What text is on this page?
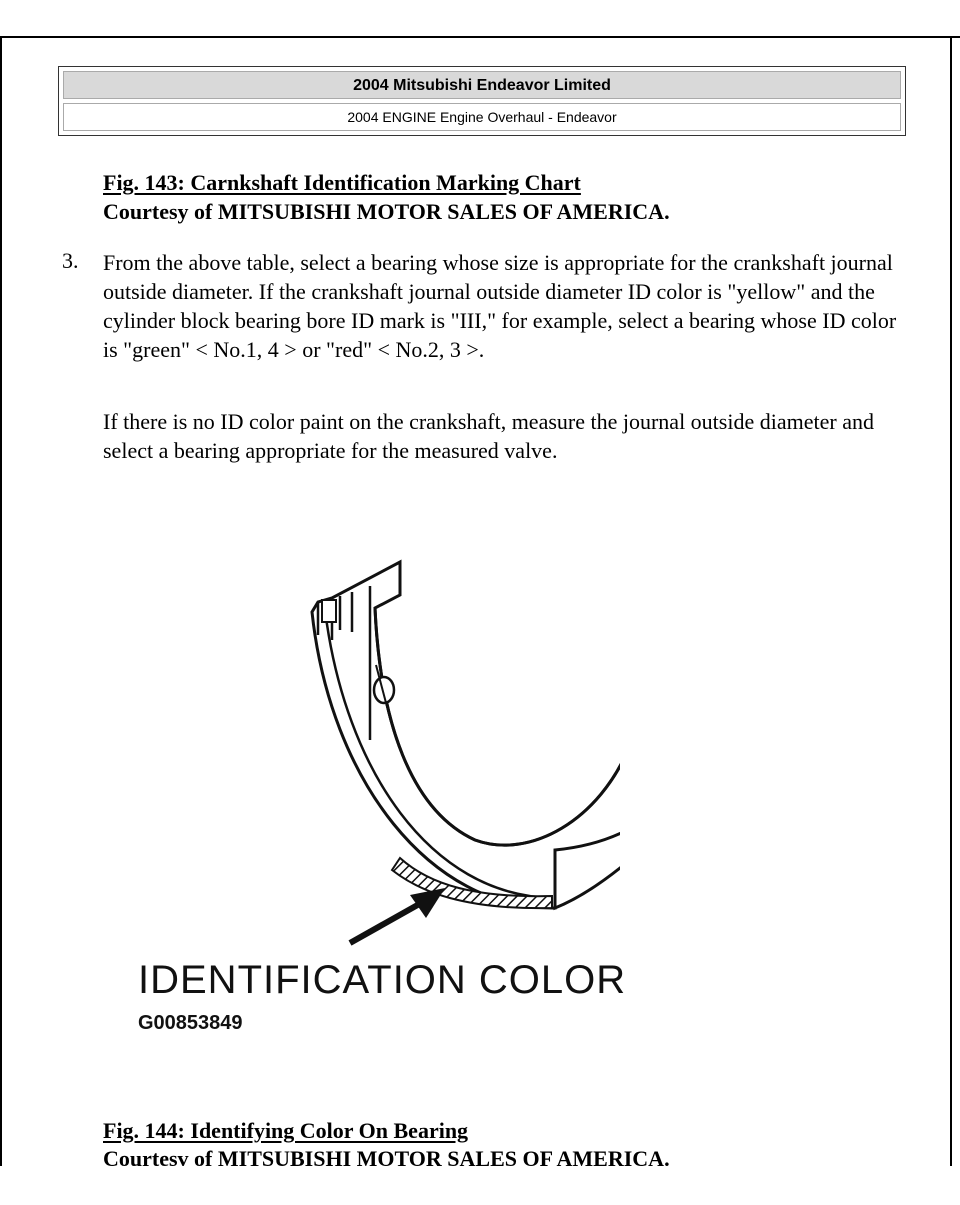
2004 Mitsubishi Endeavor Limited
2004 ENGINE Engine Overhaul - Endeavor
Fig. 143: Carnkshaft Identification Marking Chart
Courtesy of MITSUBISHI MOTOR SALES OF AMERICA.
3. From the above table, select a bearing whose size is appropriate for the crankshaft journal outside diameter. If the crankshaft journal outside diameter ID color is "yellow" and the cylinder block bearing bore ID mark is "III," for example, select a bearing whose ID color is "green" < No.1, 4 > or "red" < No.2, 3 >.
If there is no ID color paint on the crankshaft, measure the journal outside diameter and select a bearing appropriate for the measured valve.
IDENTIFICATION COLOR
G00853849
Fig. 144: Identifying Color On Bearing
Courtesv of MITSUBISHI MOTOR SALES OF AMERICA.
